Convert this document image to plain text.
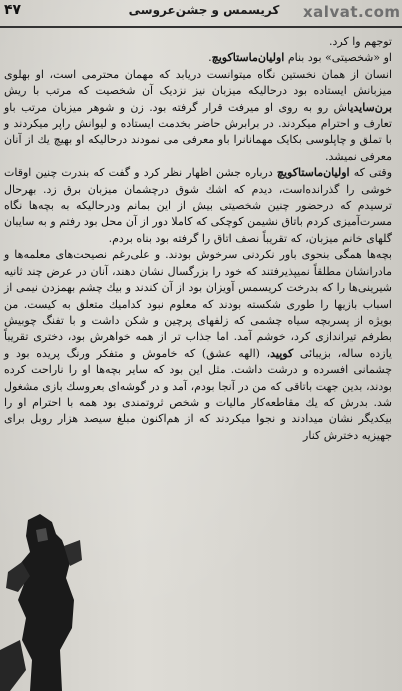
xalvat.com
کریسمس و جشن‌عروسی
۴۷

توجهم وا کرد.

او «شخصیتی» بود بنام اولیان‌ماستاکویچ.

انسان از همان نخستین نگاه میتوانست دریابد که مهمان محترمی است، او بهلوی میزبانش ایستاده بود درحالیکه میزبان نیز نزدیک آن شخصیت که مرتب با ریش برن‌سایدیاش رو به روی او میرفت قرار گرفته بود. زن و شوهر میزبان مرتب باو تعارف و احترام میکردند. در برابرش حاضر بخدمت ایستاده و لیوانش راپر میکردند و با تملق و چاپلوسی بکایک مهمانانرا باو معرفی می نمودند درحالیکه او بهیچ یك از آنان معرفی نمیشد.

وقتی که اولیان‌ماستاکویچ درباره جشن اظهار نظر کرد و گفت که بندرت چنین اوقات خوشی را گذرانده‌است، دیدم که اشك شوق درچشمان میزبان برق زد. بهرحال ترسیدم که درحضور چنین شخصیتی بیش از این بمانم ودرحالیکه به بچه‌ها نگاه مسرت‌آمیزی کردم باتاق نشیمن کوچکی که کاملا دور از آن محل بود رفتم و به سایبان گلهای خانم میزبان، که تقریباً نصف اتاق را گرفته بود بناه بردم.

بچه‌ها همگی بنحوی باور نکردنی سرخوش بودند. و علی‌رغم نصیحت‌های معلمه‌ها و مادرانشان مطلقاً نمیپذیرفتند که خود را بزرگسال نشان دهند، آنان در عرض چند ثانیه شیرینی‌ها را که بدرخت کریسمس آویزان بود از آن کندند و بیك چشم بهمزدن نیمی از اسباب بازیها را طوری شکسته بودند که معلوم نبود کدامیك متعلق به کیست. من بویژه از پسربچه سیاه چشمی که زلفهای پرچین و شکن داشت و با تفنگ چوبیش بطرفم تیراندازی کرد، خوشم آمد. اما جذاب تر از همه خواهرش بود، دختری تقریباً یازده ساله، بزیبائی کوپید، (الهه عشق) که خاموش و متفکر ورنگ پریده بود و چشمانی افسرده و درشت داشت. مثل این بود که سایر بچه‌ها او را ناراحت کرده بودند، بدین جهت باتاقی که من در آنجا بودم، آمد و در گوشه‌ای بعروسك بازی مشغول شد. بدرش که یك مقاطعه‌کار مالیات و شخص ثروتمندی بود همه با احترام او را بیکدیگر نشان میدادند و نجوا میکردند که از هم‌اکنون مبلغ سیصد هزار روبل برای جهیزیه دخترش کنار
